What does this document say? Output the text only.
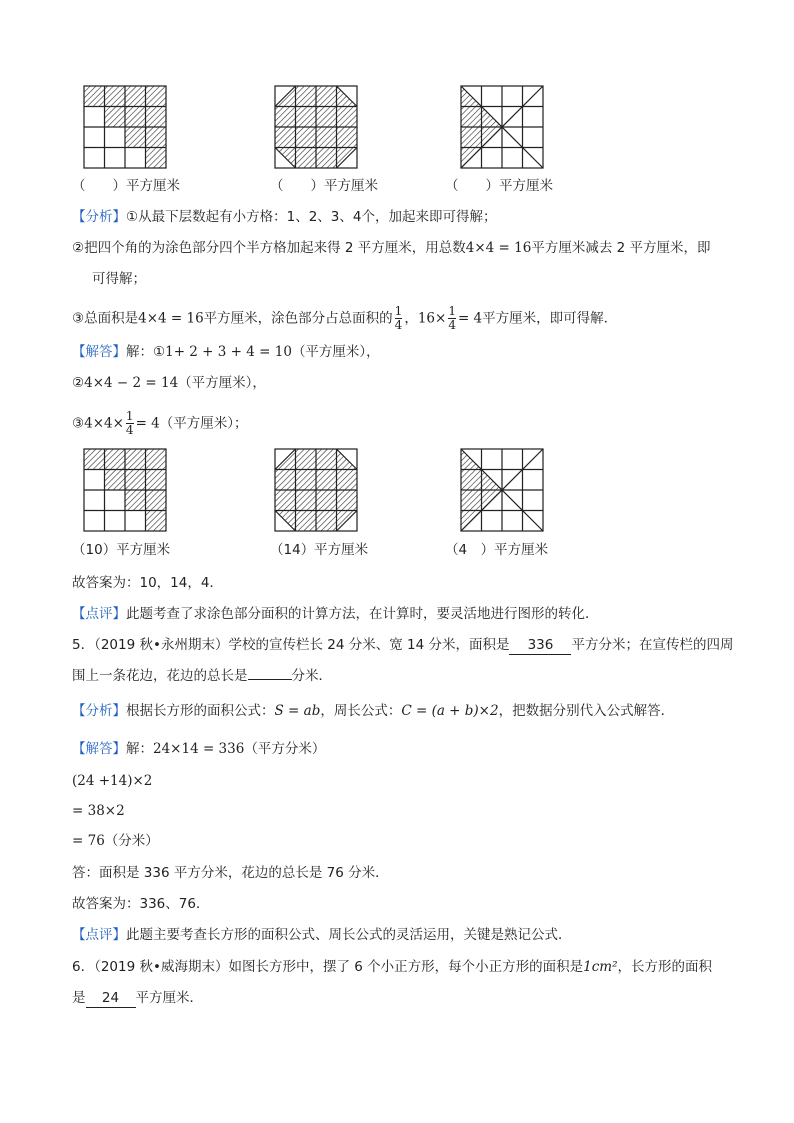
（　　）平方厘米	（　　）平方厘米	（　　）平方厘米
【分析】①从最下层数起有小方格：1、2、3、4个，加起来即可得解；
②把四个角的为涂色部分四个半方格加起来得 2 平方厘米，用总数4×4 = 16平方厘米减去 2 平方厘米，即
可得解；
③总面积是4×4 = 16平方厘米，涂色部分占总面积的 $\frac{1}{4}$ ，$16\times \frac{1}{4} = 4$平方厘米，即可得解．
【解答】解：①1+ 2 + 3 + 4 = 10（平方厘米），
②4×4 − 2 = 14（平方厘米），
③4×4× $\frac{1}{4} = 4$（平方厘米）；
（10）平方厘米	（14）平方厘米	（4　）平方厘米
故答案为：10，14，4．
【点评】此题考查了求涂色部分面积的计算方法，在计算时，要灵活地进行图形的转化．
5．（2019 秋•永州期末）学校的宣传栏长 24 分米、宽 14 分米，面积是 336 平方分米；在宣传栏的四周
围上一条花边，花边的总长是	分米．
【分析】根据长方形的面积公式：S = ab，周长公式：C = (a + b)×2，把数据分别代入公式解答．
【解答】解：24×14 = 336（平方分米）
(24 +14)×2
= 38×2
= 76（分米）
答：面积是 336 平方分米，花边的总长是 76 分米．
故答案为：336、76．
【点评】此题主要考查长方形的面积公式、周长公式的灵活运用，关键是熟记公式．
6．（2019 秋•威海期末）如图长方形中，摆了 6 个小正方形，每个小正方形的面积是1cm²，长方形的面积
是 24 平方厘米．
